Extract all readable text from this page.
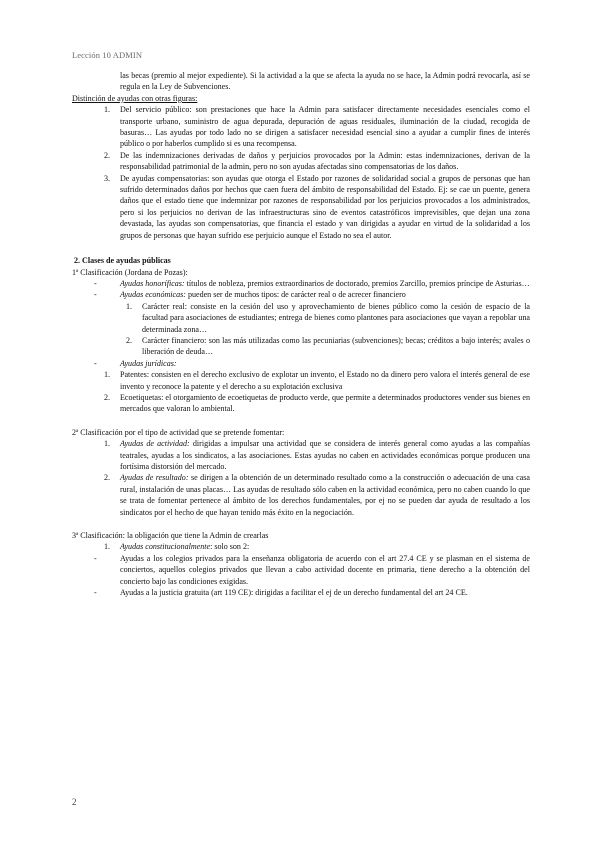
Lección 10 ADMIN

las becas (premio al mejor expediente). Si la actividad a la que se afecta la ayuda no se hace, la Admin podrá revocarla, así se regula en la Ley de Subvenciones.

Distinción de ayudas con otras figuras:

1. Del servicio público: son prestaciones que hace la Admin para satisfacer directamente necesidades esenciales como el transporte urbano, suministro de agua depurada, depuración de aguas residuales, iluminación de la ciudad, recogida de basuras… Las ayudas por todo lado no se dirigen a satisfacer necesidad esencial sino a ayudar a cumplir fines de interés público o por haberlos cumplido si es una recompensa.
2. De las indemnizaciones derivadas de daños y perjuicios provocados por la Admin: estas indemnizaciones, derivan de la responsabilidad patrimonial de la admin, pero no son ayudas afectadas sino compensatorias de los daños.
3. De ayudas compensatorias: son ayudas que otorga el Estado por razones de solidaridad social a grupos de personas que han sufrido determinados daños por hechos que caen fuera del ámbito de responsabilidad del Estado. Ej: se cae un puente, genera daños que el estado tiene que indemnizar por razones de responsabilidad por los perjuicios provocados a los administrados, pero si los perjuicios no derivan de las infraestructuras sino de eventos catastróficos imprevisibles, que dejan una zona devastada, las ayudas son compensatorias, que financia el estado y van dirigidas a ayudar en virtud de la solidaridad a los grupos de personas que hayan sufrido ese perjuicio aunque el Estado no sea el autor.

2. Clases de ayudas públicas

1ª Clasificación (Jordana de Pozas):

-	Ayudas honoríficas: títulos de nobleza, premios extraordinarios de doctorado, premios Zarcillo, premios príncipe de Asturias…
-	Ayudas económicas: pueden ser de muchos tipos: de carácter real o de acrecer financiero
1. Carácter real: consiste en la cesión del uso y aprovechamiento de bienes público como la cesión de espacio de la facultad para asociaciones de estudiantes; entrega de bienes como plantones para asociaciones que vayan a repoblar una determinada zona…
2. Carácter financiero: son las más utilizadas como las pecuniarias (subvenciones); becas; créditos a bajo interés; avales o liberación de deuda…
-	Ayudas jurídicas:
1. Patentes: consisten en el derecho exclusivo de explotar un invento, el Estado no da dinero pero valora el interés general de ese invento y reconoce la patente y el derecho a su explotación exclusiva
2. Ecoetiquetas: el otorgamiento de ecoetiquetas de producto verde, que permite a determinados productores vender sus bienes en mercados que valoran lo ambiental.

2ª Clasificación por el tipo de actividad que se pretende fomentar:

1. Ayudas de actividad: dirigidas a impulsar una actividad que se considera de interés general como ayudas a las compañías teatrales, ayudas a los sindicatos, a las asociaciones. Estas ayudas no caben en actividades económicas porque producen una fortísima distorsión del mercado.
2. Ayudas de resultado: se dirigen a la obtención de un determinado resultado como a la construcción o adecuación de una casa rural, instalación de unas placas… Las ayudas de resultado sólo caben en la actividad económica, pero no caben cuando lo que se trata de fomentar pertenece al ámbito de los derechos fundamentales, por ej no se pueden dar ayuda de resultado a los sindicatos por el hecho de que hayan tenido más éxito en la negociación.

3ª Clasificación: la obligación que tiene la Admin de crearlas

1. Ayudas constitucionalmente: solo son 2:
-	Ayudas a los colegios privados para la enseñanza obligatoria de acuerdo con el art 27.4 CE y se plasman en el sistema de conciertos, aquellos colegios privados que llevan a cabo actividad docente en primaria, tiene derecho a la obtención del concierto bajo las condiciones exigidas.
-	Ayudas a la justicia gratuita (art 119 CE): dirigidas a facilitar el ej de un derecho fundamental del art 24 CE.
2
